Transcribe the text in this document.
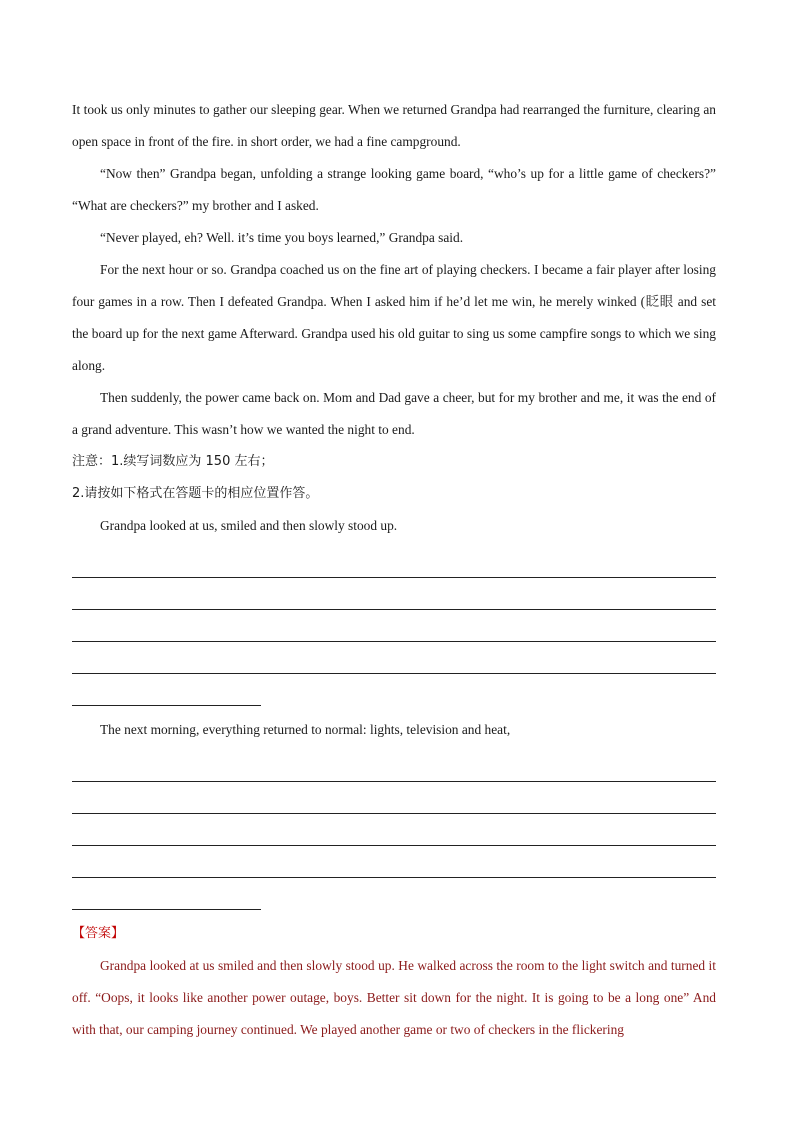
It took us only minutes to gather our sleeping gear. When we returned Grandpa had rearranged the furniture, clearing an open space in front of the fire. in short order, we had a fine campground.

“Now then” Grandpa began, unfolding a strange looking game board, “who’s up for a little game of checkers?” “What are checkers?” my brother and I asked.

“Never played, eh? Well. it’s time you boys learned,” Grandpa said.

For the next hour or so. Grandpa coached us on the fine art of playing checkers. I became a fair player after losing four games in a row. Then I defeated Grandpa. When I asked him if he’d let me win, he merely winked (眨眼 and set the board up for the next game Afterward. Grandpa used his old guitar to sing us some campfire songs to which we sing along.

Then suddenly, the power came back on. Mom and Dad gave a cheer, but for my brother and me, it was the end of a grand adventure. This wasn’t how we wanted the night to end.

注意：1.续写词数应为 150 左右；

2.请按如下格式在答题卡的相应位置作答。

Grandpa looked at us, smiled and then slowly stood up.

The next morning, everything returned to normal: lights, television and heat,

【答案】

Grandpa looked at us smiled and then slowly stood up. He walked across the room to the light switch and turned it off. “Oops, it looks like another power outage, boys. Better sit down for the night. It is going to be a long one” And with that, our camping journey continued. We played another game or two of checkers in the flickering
